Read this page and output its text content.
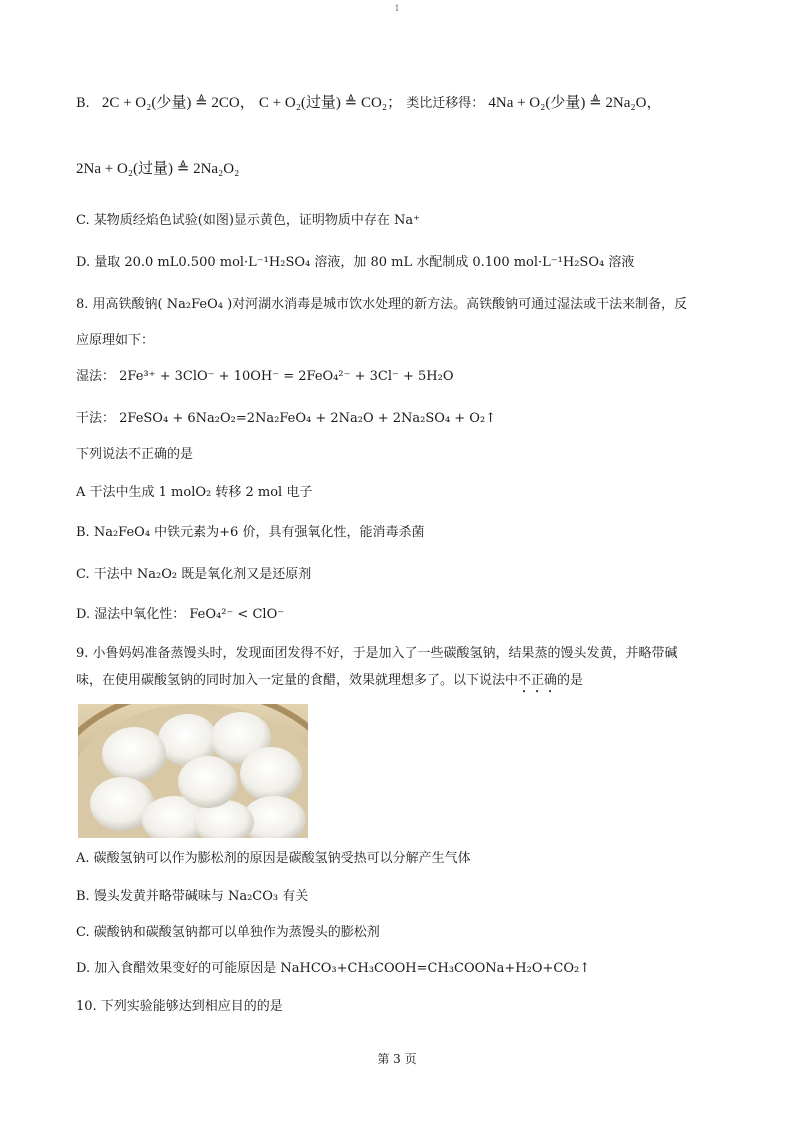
1
B. 2C + O₂(少量) ≜ 2CO， C + O₂(过量) ≜ CO₂； 类比迁移得： 4Na + O₂(少量) ≜ 2Na₂O，
2Na + O₂(过量) ≜ 2Na₂O₂
C. 某物质经焰色试验(如图)显示黄色，证明物质中存在 Na⁺
D. 量取 20.0 mL0.500 mol·L⁻¹H₂SO₄ 溶液，加 80 mL 水配制成 0.100 mol·L⁻¹H₂SO₄ 溶液
8. 用高铁酸钠( Na₂FeO₄ )对河湖水消毒是城市饮水处理的新方法。高铁酸钠可通过湿法或干法来制备，反
应原理如下：
湿法： 2Fe³⁺ + 3ClO⁻ + 10OH⁻ = 2FeO₄²⁻ + 3Cl⁻ + 5H₂O
干法： 2FeSO₄ + 6Na₂O₂=2Na₂FeO₄ + 2Na₂O + 2Na₂SO₄ + O₂↑
下列说法不正确的是
A 干法中生成 1 molO₂ 转移 2 mol 电子
B. Na₂FeO₄ 中铁元素为+6 价，具有强氧化性，能消毒杀菌
C. 干法中 Na₂O₂ 既是氧化剂又是还原剂
D. 湿法中氧化性： FeO₄²⁻ < ClO⁻
9. 小鲁妈妈准备蒸馒头时，发现面团发得不好，于是加入了一些碳酸氢钠，结果蒸的馒头发黄，并略带碱
味，在使用碳酸氢钠的同时加入一定量的食醋，效果就理想多了。以下说法中不正确的是
A. 碳酸氢钠可以作为膨松剂的原因是碳酸氢钠受热可以分解产生气体
B. 馒头发黄并略带碱味与 Na₂CO₃ 有关
C. 碳酸钠和碳酸氢钠都可以单独作为蒸馒头的膨松剂
D. 加入食醋效果变好的可能原因是 NaHCO₃+CH₃COOH=CH₃COONa+H₂O+CO₂↑
10. 下列实验能够达到相应目的的是
第 3 页
